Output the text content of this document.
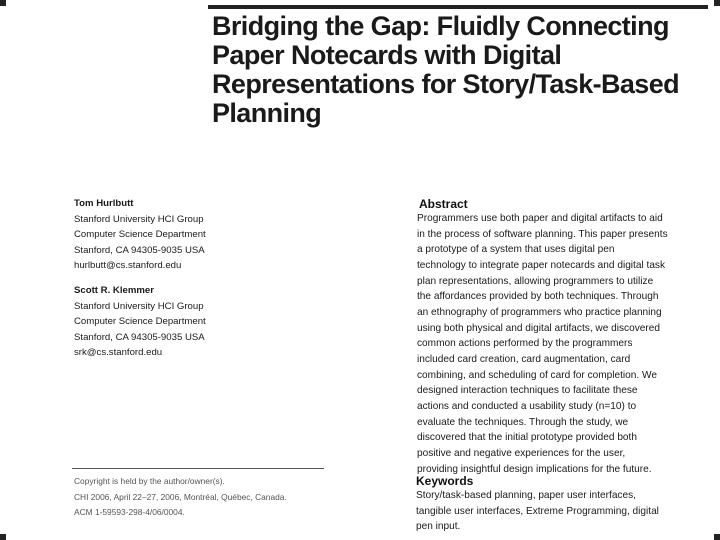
Bridging the Gap: Fluidly Connecting
Paper Notecards with Digital
Representations for Story/Task-Based
Planning
Tom Hurlbutt
Stanford University HCI Group
Computer Science Department
Stanford, CA 94305-9035 USA
hurlbutt@cs.stanford.edu
Scott R. Klemmer
Stanford University HCI Group
Computer Science Department
Stanford, CA 94305-9035 USA
srk@cs.stanford.edu
Abstract
Programmers use both paper and digital artifacts to aid
in the process of software planning. This paper presents
a prototype of a system that uses digital pen
technology to integrate paper notecards and digital task
plan representations, allowing programmers to utilize
the affordances provided by both techniques. Through
an ethnography of programmers who practice planning
using both physical and digital artifacts, we discovered
common actions performed by the programmers
included card creation, card augmentation, card
combining, and scheduling of card for completion. We
designed interaction techniques to facilitate these
actions and conducted a usability study (n=10) to
evaluate the techniques. Through the study, we
discovered that the initial prototype provided both
positive and negative experiences for the user,
providing insightful design implications for the future.
Copyright is held by the author/owner(s).
CHI 2006, April 22–27, 2006, Montréal, Québec, Canada.
ACM 1-59593-298-4/06/0004.
Keywords
Story/task-based planning, paper user interfaces,
tangible user interfaces, Extreme Programming, digital
pen input.
